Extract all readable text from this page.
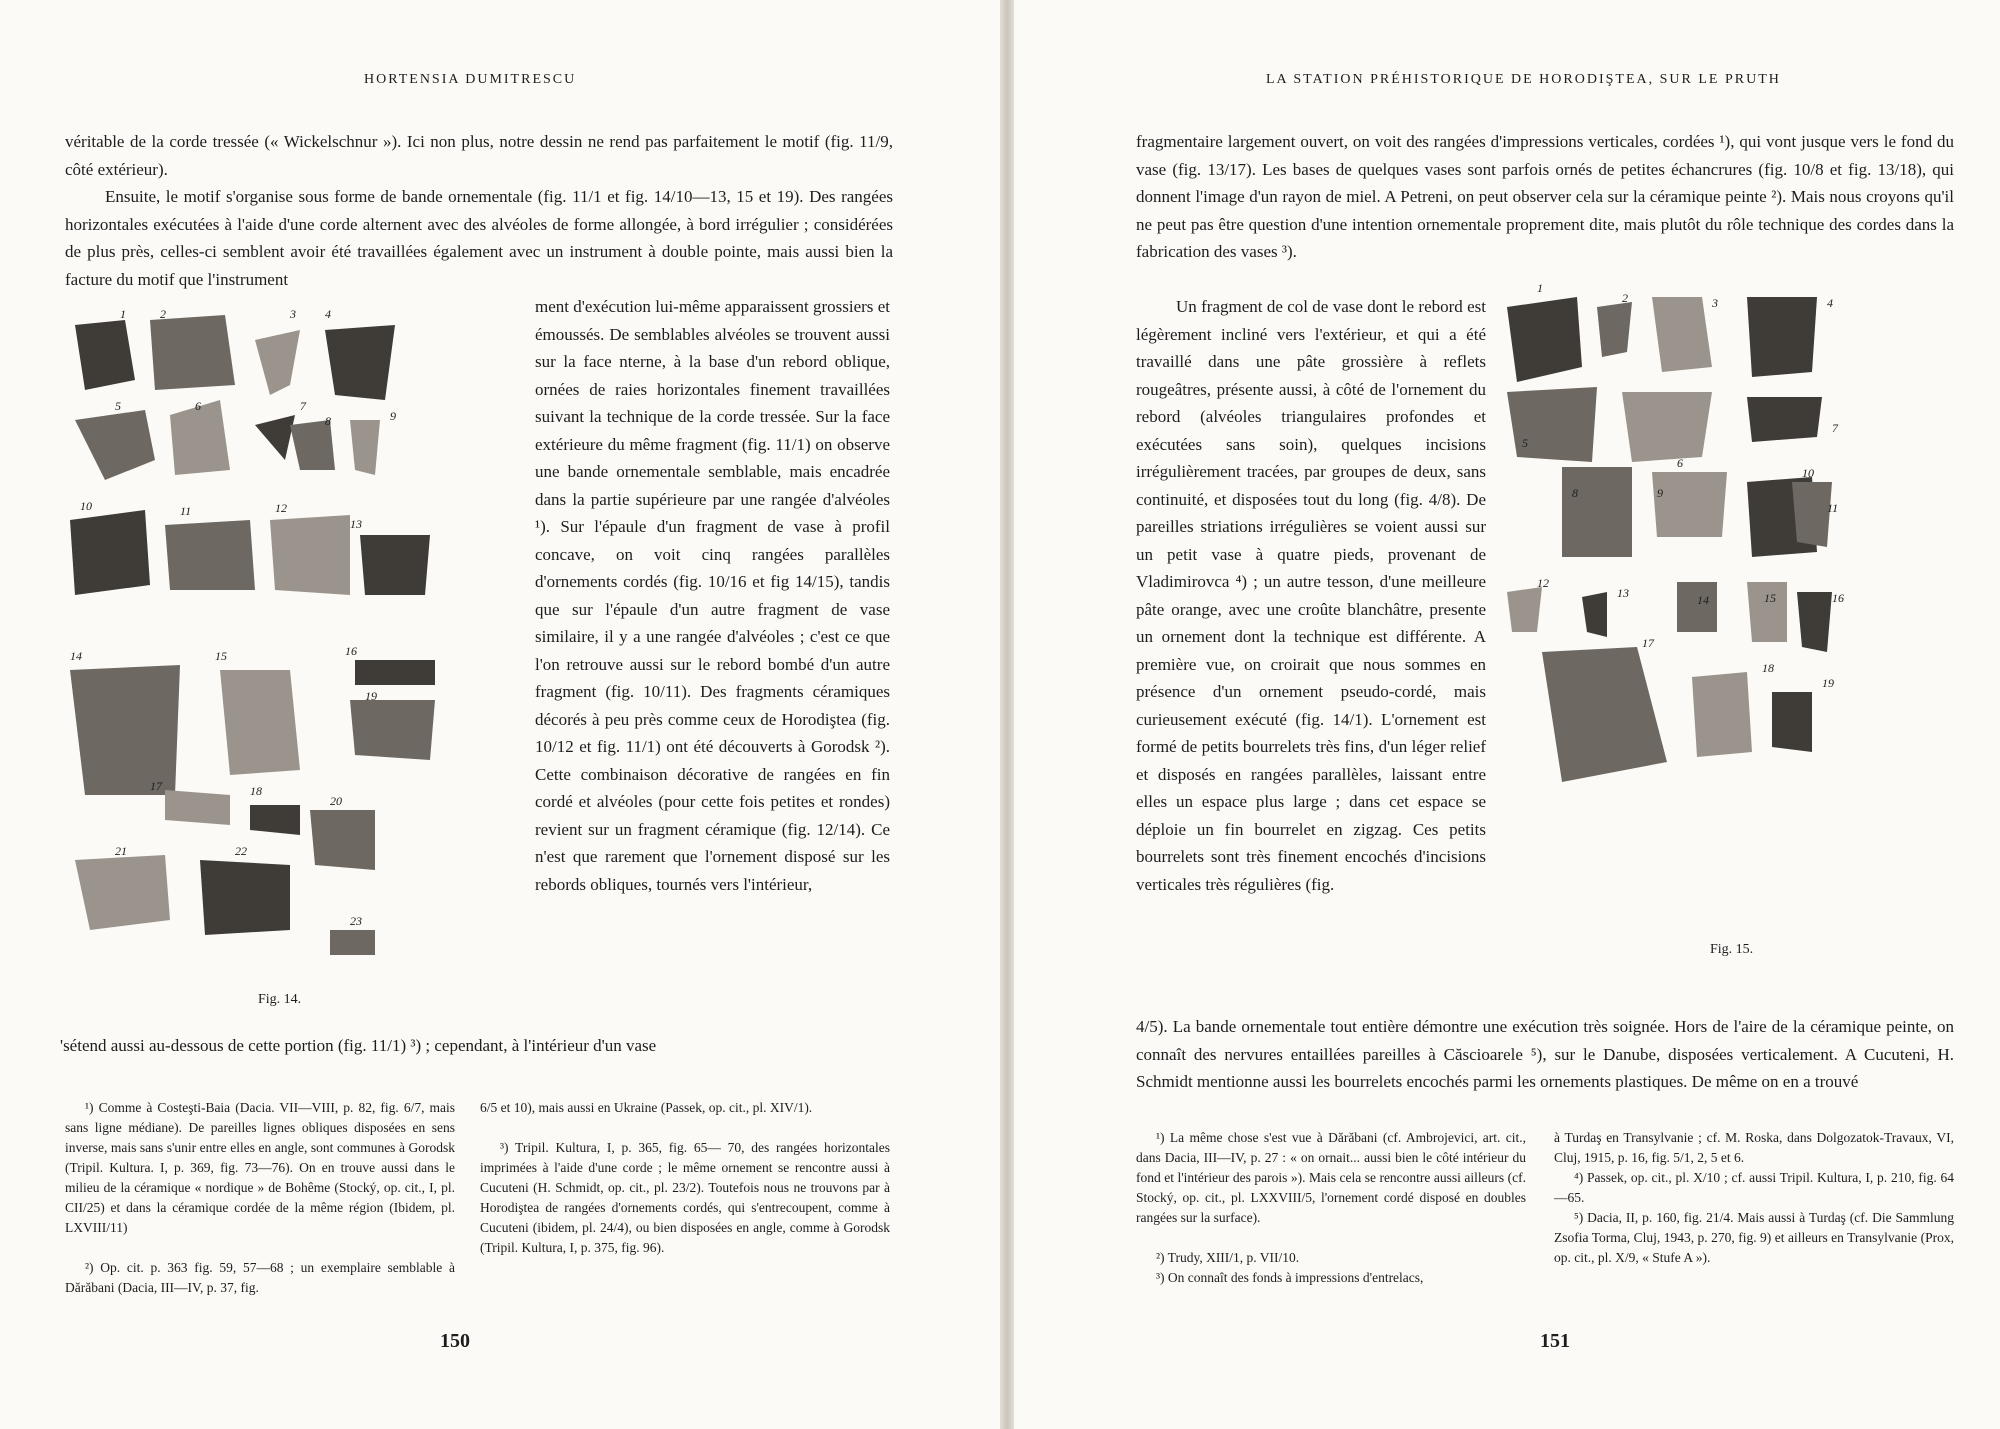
HORTENSIA DUMITRESCU

véritable de la corde tressée (« Wickelschnur »). Ici non plus, notre dessin ne rend pas parfaitement le motif (fig. 11/9, côté extérieur).

Ensuite, le motif s'organise sous forme de bande ornementale (fig. 11/1 et fig. 14/10—13, 15 et 19). Des rangées horizontales exécutées à l'aide d'une corde alternent avec des alvéoles de forme allongée, à bord irrégulier ; considérées de plus près, celles-ci semblent avoir été travaillées également avec un instrument à double pointe, mais aussi bien la facture du motif que l'instrument

1	2	3 4
5	6	7
8	9
10	11	12
13
14	15	16
19
17	18
20
21	22
23
Fig. 14.

ment d'exécution lui-même apparaissent grossiers et émoussés. De semblables alvéoles se trouvent aussi sur la face nterne, à la base d'un rebord oblique, ornées de raies horizontales finement travaillées suivant la technique de la corde tressée. Sur la face extérieure du même fragment (fig. 11/1) on observe une bande ornementale semblable, mais encadrée dans la partie supérieure par une rangée d'alvéoles ¹). Sur l'épaule d'un fragment de vase à profil concave, on voit cinq rangées parallèles d'ornements cordés (fig. 10/16 et fig 14/15), tandis que sur l'épaule d'un autre fragment de vase similaire, il y a une rangée d'alvéoles ; c'est ce que l'on retrouve aussi sur le rebord bombé d'un autre fragment (fig. 10/11). Des fragments céramiques décorés à peu près comme ceux de Horodiştea (fig. 10/12 et fig. 11/1) ont été découverts à Gorodsk ²). Cette combinaison décorative de rangées en fin cordé et alvéoles (pour cette fois petites et rondes) revient sur un fragment céramique (fig. 12/14). Ce n'est que rarement que l'ornement disposé sur les rebords obliques, tournés vers l'intérieur,

'sétend aussi au-dessous de cette portion (fig. 11/1) ³) ; cependant, à l'intérieur d'un vase

¹) Comme à Costeşti-Baia (Dacia. VII—VIII, p. 82, fig. 6/7, mais sans ligne médiane). De pareilles lignes obliques disposées en sens inverse, mais sans s'unir entre elles en angle, sont communes à Gorodsk (Tripil. Kultura. I, p. 369, fig. 73—76). On en trouve aussi dans le milieu de la céramique « nordique » de Bohême (Stocký, op. cit., I, pl. CII/25) et dans la céramique cordée de la même région (Ibidem, pl. LXVIII/11)

²) Op. cit. p. 363 fig. 59, 57—68 ; un exemplaire semblable à Dărăbani (Dacia, III—IV, p. 37, fig.

6/5 et 10), mais aussi en Ukraine (Passek, op. cit., pl. XIV/1).

³) Tripil. Kultura, I, p. 365, fig. 65— 70, des rangées horizontales imprimées à l'aide d'une corde ; le même ornement se rencontre aussi à Cucuteni (H. Schmidt, op. cit., pl. 23/2). Toutefois nous ne trouvons par à Horodiştea de rangées d'ornements cordés, qui s'entrecoupent, comme à Cucuteni (ibidem, pl. 24/4), ou bien disposées en angle, comme à Gorodsk (Tripil. Kultura, I, p. 375, fig. 96).

150
LA STATION PRÉHISTORIQUE DE HORODIŞTEA, SUR LE PRUTH

fragmentaire largement ouvert, on voit des rangées d'impressions verticales, cordées ¹), qui vont jusque vers le fond du vase (fig. 13/17). Les bases de quelques vases sont parfois ornés de petites échancrures (fig. 10/8 et fig. 13/18), qui donnent l'image d'un rayon de miel. A Petreni, on peut observer cela sur la céramique peinte ²). Mais nous croyons qu'il ne peut pas être question d'une intention ornementale proprement dite, mais plutôt du rôle technique des cordes dans la fabrication des vases ³).

Un fragment de col de vase dont le rebord est légèrement incliné vers l'extérieur, et qui a été travaillé dans une pâte grossière à reflets rougeâtres, présente aussi, à côté de l'ornement du rebord (alvéoles triangulaires profondes et exécutées sans soin), quelques incisions irrégulièrement tracées, par groupes de deux, sans continuité, et disposées tout du long (fig. 4/8). De pareilles striations irrégulières se voient aussi sur un petit vase à quatre pieds, provenant de Vladimirovca ⁴) ; un autre tesson, d'une meilleure pâte orange, avec une croûte blanchâtre, presente un ornement dont la technique est différente. A première vue, on croirait que nous sommes en présence d'un ornement pseudo-cordé, mais curieusement exécuté (fig. 14/1). L'ornement est formé de petits bourrelets très fins, d'un léger relief et disposés en rangées parallèles, laissant entre elles un espace plus large ; dans cet espace se déploie un fin bourrelet en zigzag. Ces petits bourrelets sont très finement encochés d'incisions verticales très régulières (fig.

1
2	3	4
5
6
7
8	9
10
11
12
13	14	15	16
17
18
19
Fig. 15.

4/5). La bande ornementale tout entière démontre une exécution très soignée. Hors de l'aire de la céramique peinte, on connaît des nervures entaillées pareilles à Căscioarele ⁵), sur le Danube, disposées verticalement. A Cucuteni, H. Schmidt mentionne aussi les bourrelets encochés parmi les ornements plastiques. De même on en a trouvé

¹) La même chose s'est vue à Dărăbani (cf. Ambrojevici, art. cit., dans Dacia, III—IV, p. 27 : « on ornait... aussi bien le côté intérieur du fond et l'intérieur des parois »). Mais cela se rencontre aussi ailleurs (cf. Stocký, op. cit., pl. LXXVIII/5, l'ornement cordé disposé en doubles rangées sur la surface).

²) Trudy, XIII/1, p. VII/10.

³) On connaît des fonds à impressions d'entrelacs,

à Turdaş en Transylvanie ; cf. M. Roska, dans Dolgozatok-Travaux, VI, Cluj, 1915, p. 16, fig. 5/1, 2, 5 et 6.

⁴) Passek, op. cit., pl. X/10 ; cf. aussi Tripil. Kultura, I, p. 210, fig. 64—65.

⁵) Dacia, II, p. 160, fig. 21/4. Mais aussi à Turdaş (cf. Die Sammlung Zsofia Torma, Cluj, 1943, p. 270, fig. 9) et ailleurs en Transylvanie (Prox, op. cit., pl. X/9, « Stufe A »).

151
